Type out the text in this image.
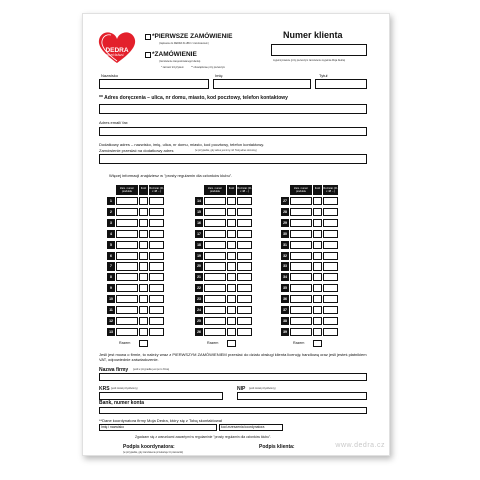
DEDRA
PRÁVNÍ ŘEŠENÍ
*PIERWSZE ZAMÓWIENIE
(zapisanie do DEDRA KLUBU z zamówieniem)
*ZAMÓWIENIE
(zamówienie zarejestrowanego klienta)
* zaznacz krzyżykiem	** obowiązkowe przy pierwszym
Numer klienta
wypełnij zawsze (przy pierwszym zamówieniu wypełnia Moja Dedra)
Nazwisko	Imię	Tytuł
** Adres doręczenia – ulica, nr domu, miasto, kod pocztowy, telefon kontaktowy
Adres email/ fax
Dodatkowy adres – nazwisko, imię, ulica, nr domu, miasto, kod pocztowy, telefon kontaktowy.
Zamówienie przesłać na dodatkowy adres	(w przypadku, gdy adres jest inny niż Twój adres domowy)
Więcej informacji znajdziesz w "prosty regulamin dla członków klubu".
Zam. numer produktu
Ilość	Rozmiar (41 x 48 ...)
1
2
3
4
5
6
7
8
9
10
11
12
13
Razem
Zam. numer produktu
Ilość	Rozmiar (41 x 48 ...)
14
15
16
17
18
19
20
21
22
23
24
25
26
Razem
Zam. numer produktu
Ilość	Rozmiar (41 x 48 ...)
27
28
29
30
31
32
33
34
35
36
37
38
39
Razem
Jeśli jest mowa o firmie, to należy wraz z PIERWSZYM ZAMÓWIENIEM przesłać do działu obsługi klienta licencję handlową oraz jeśli jesteś płatnikiem VAT, odpowiednie zaświadczenie.
Nazwa firmy (jeśli w przypadku jest po to firma)
KRS (jeśli został przydzielony)	NIP (jeśli został przydzielony)
Bank, numer konta
**Dane koordynatora firmy Moja Dedra, który się z Tobą skontaktował
Imię i nazwisko	kod zrzeszenia koordynatora
Zgadzam się z warunkami zawartymi w regulaminie "prosty regulamin dla członków klubu".
Podpis koordynatora:
(w przypadku, gdy zamówienie przekazuje Ci pracownik)
Podpis klienta:	www.dedra.cz
